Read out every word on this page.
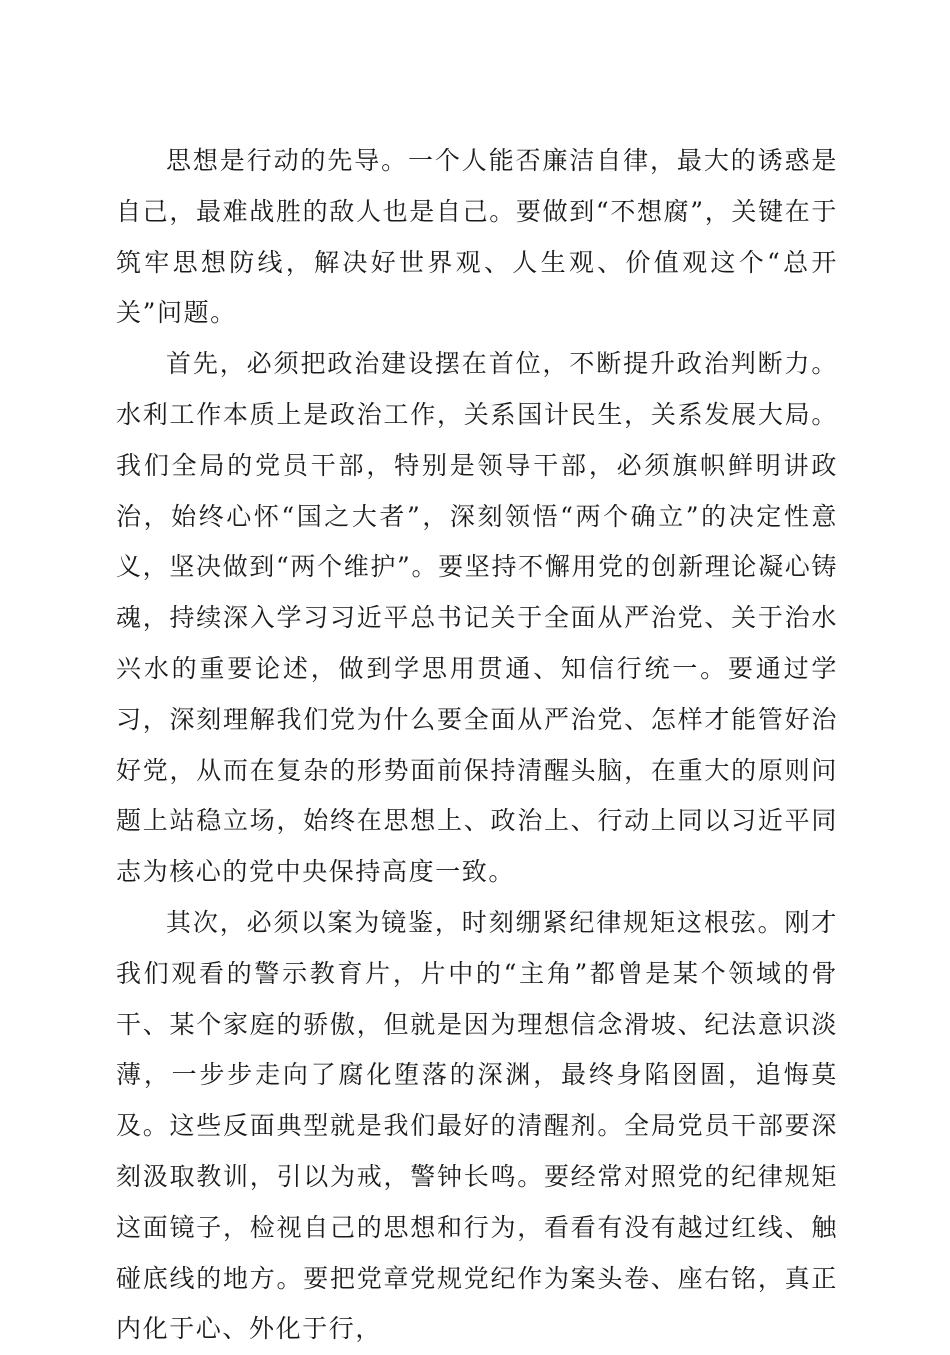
思想是行动的先导。一个人能否廉洁自律，最大的诱惑是自己，最难战胜的敌人也是自己。要做到“不想腐”，关键在于筑牢思想防线，解决好世界观、人生观、价值观这个“总开关”问题。

首先，必须把政治建设摆在首位，不断提升政治判断力。水利工作本质上是政治工作，关系国计民生，关系发展大局。我们全局的党员干部，特别是领导干部，必须旗帜鲜明讲政治，始终心怀“国之大者”，深刻领悟“两个确立”的决定性意义，坚决做到“两个维护”。要坚持不懈用党的创新理论凝心铸魂，持续深入学习习近平总书记关于全面从严治党、关于治水兴水的重要论述，做到学思用贯通、知信行统一。要通过学习，深刻理解我们党为什么要全面从严治党、怎样才能管好治好党，从而在复杂的形势面前保持清醒头脑，在重大的原则问题上站稳立场，始终在思想上、政治上、行动上同以习近平同志为核心的党中央保持高度一致。

其次，必须以案为镜鉴，时刻绷紧纪律规矩这根弦。刚才我们观看的警示教育片，片中的“主角”都曾是某个领域的骨干、某个家庭的骄傲，但就是因为理想信念滑坡、纪法意识淡薄，一步步走向了腐化堕落的深渊，最终身陷囹圄，追悔莫及。这些反面典型就是我们最好的清醒剂。全局党员干部要深刻汲取教训，引以为戒，警钟长鸣。要经常对照党的纪律规矩这面镜子，检视自己的思想和行为，看看有没有越过红线、触碰底线的地方。要把党章党规党纪作为案头卷、座右铭，真正内化于心、外化于行，
